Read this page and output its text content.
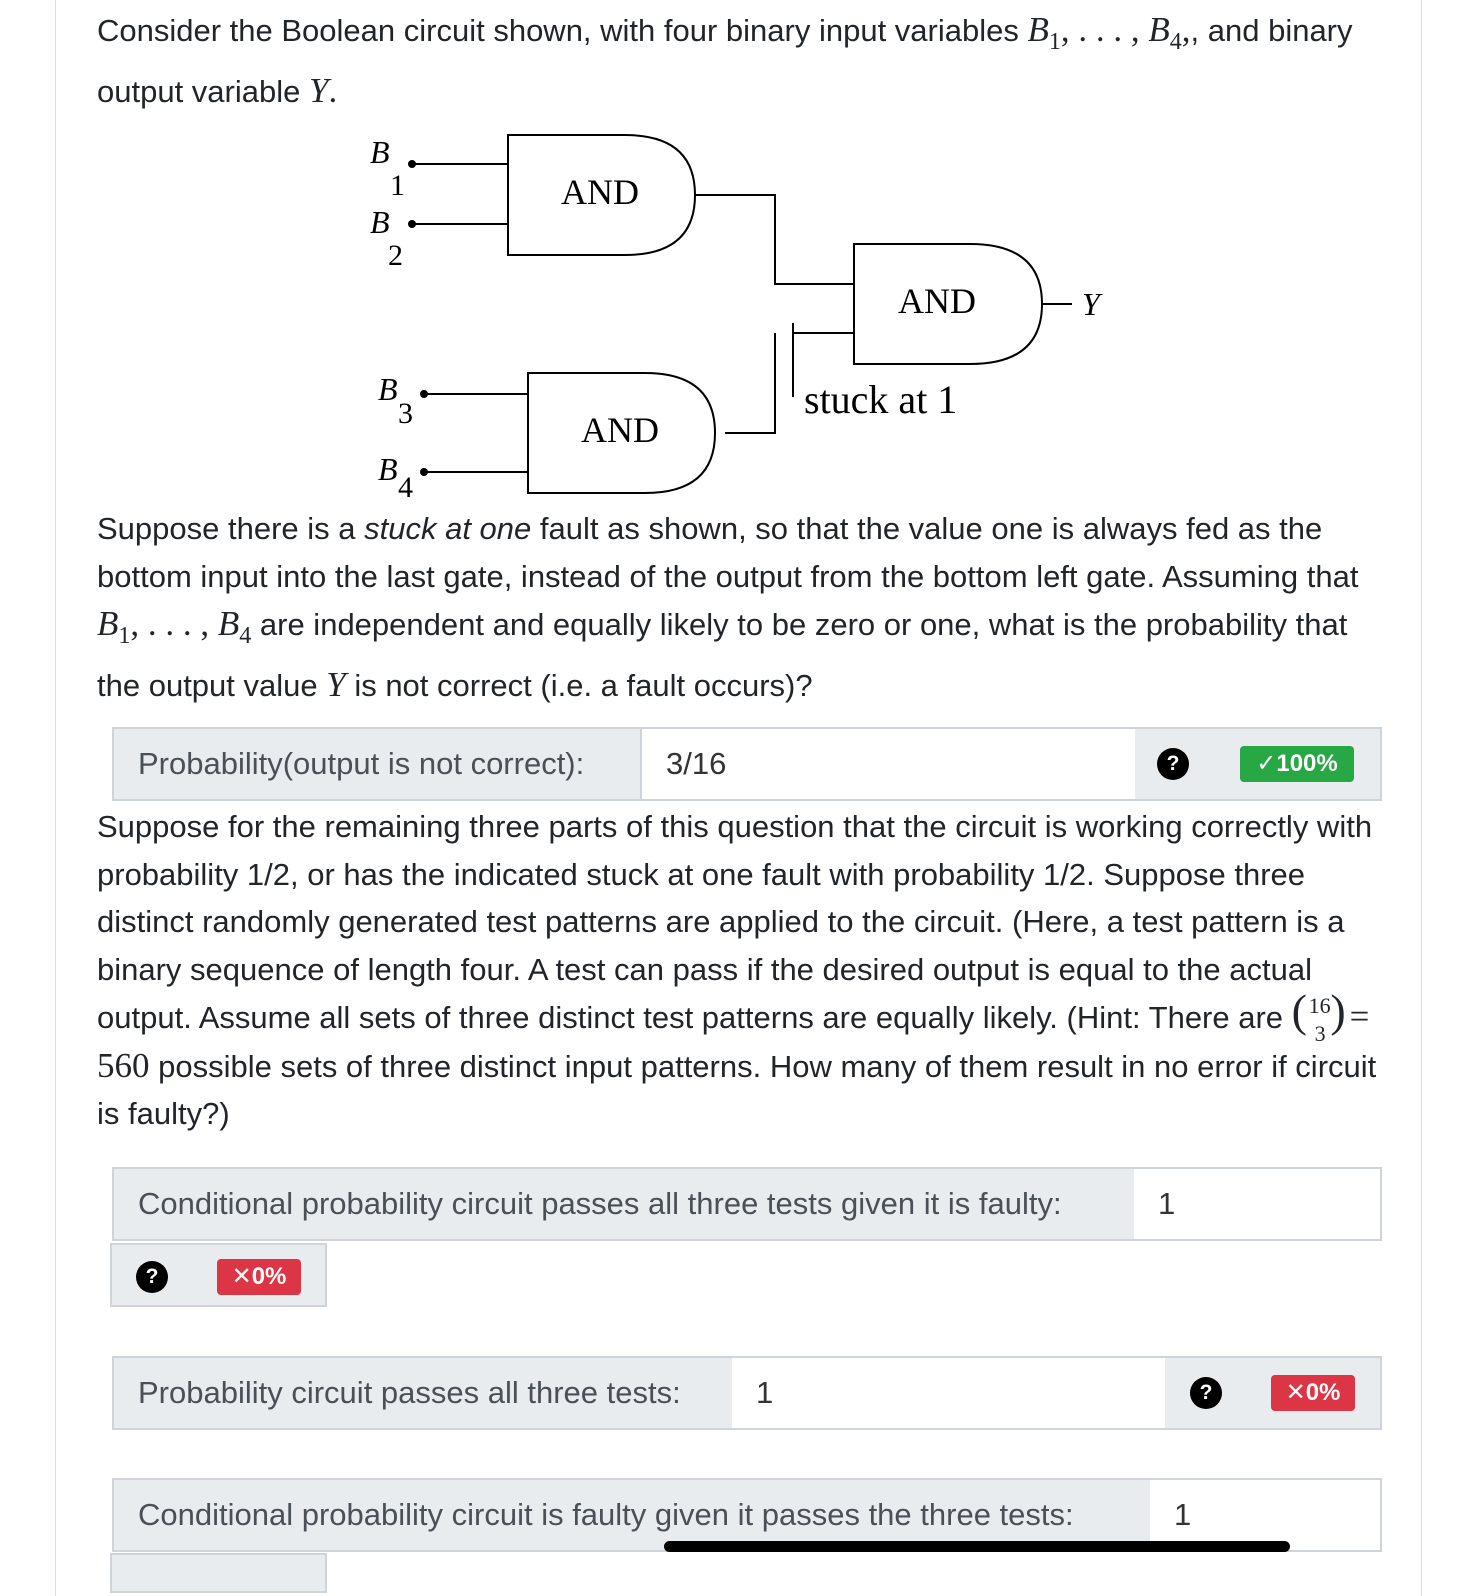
Consider the Boolean circuit shown, with four binary input variables $B_1$, . . . , $B_4$,, and binary output variable Y.

AND
AND
AND
B
1
B
2
B
3
B
4
Y
stuck at 1

Suppose there is a stuck at one fault as shown, so that the value one is always fed as the bottom input into the last gate, instead of the output from the bottom left gate. Assuming that $B_1$, . . . , $B_4$ are independent and equally likely to be zero or one, what is the probability that the output value Y is not correct (i.e. a fault occurs)?

Probability(output is not correct):
3/16	?	✓100%

Suppose for the remaining three parts of this question that the circuit is working correctly with probability 1/2, or has the indicated stuck at one fault with probability 1/2. Suppose three distinct randomly generated test patterns are applied to the circuit. (Here, a test pattern is a binary sequence of length four. A test can pass if the desired output is equal to the actual output. Assume all sets of three distinct test patterns are equally likely. (Hint: There are ( 16
3 ) = 560 possible sets of three distinct input patterns. How many of them result in no error if circuit is faulty?)

Conditional probability circuit passes all three tests given it is faulty:
1
?	✕0%
Probability circuit passes all three tests:
1	?	✕0%
Conditional probability circuit is faulty given it passes the three tests:
1
